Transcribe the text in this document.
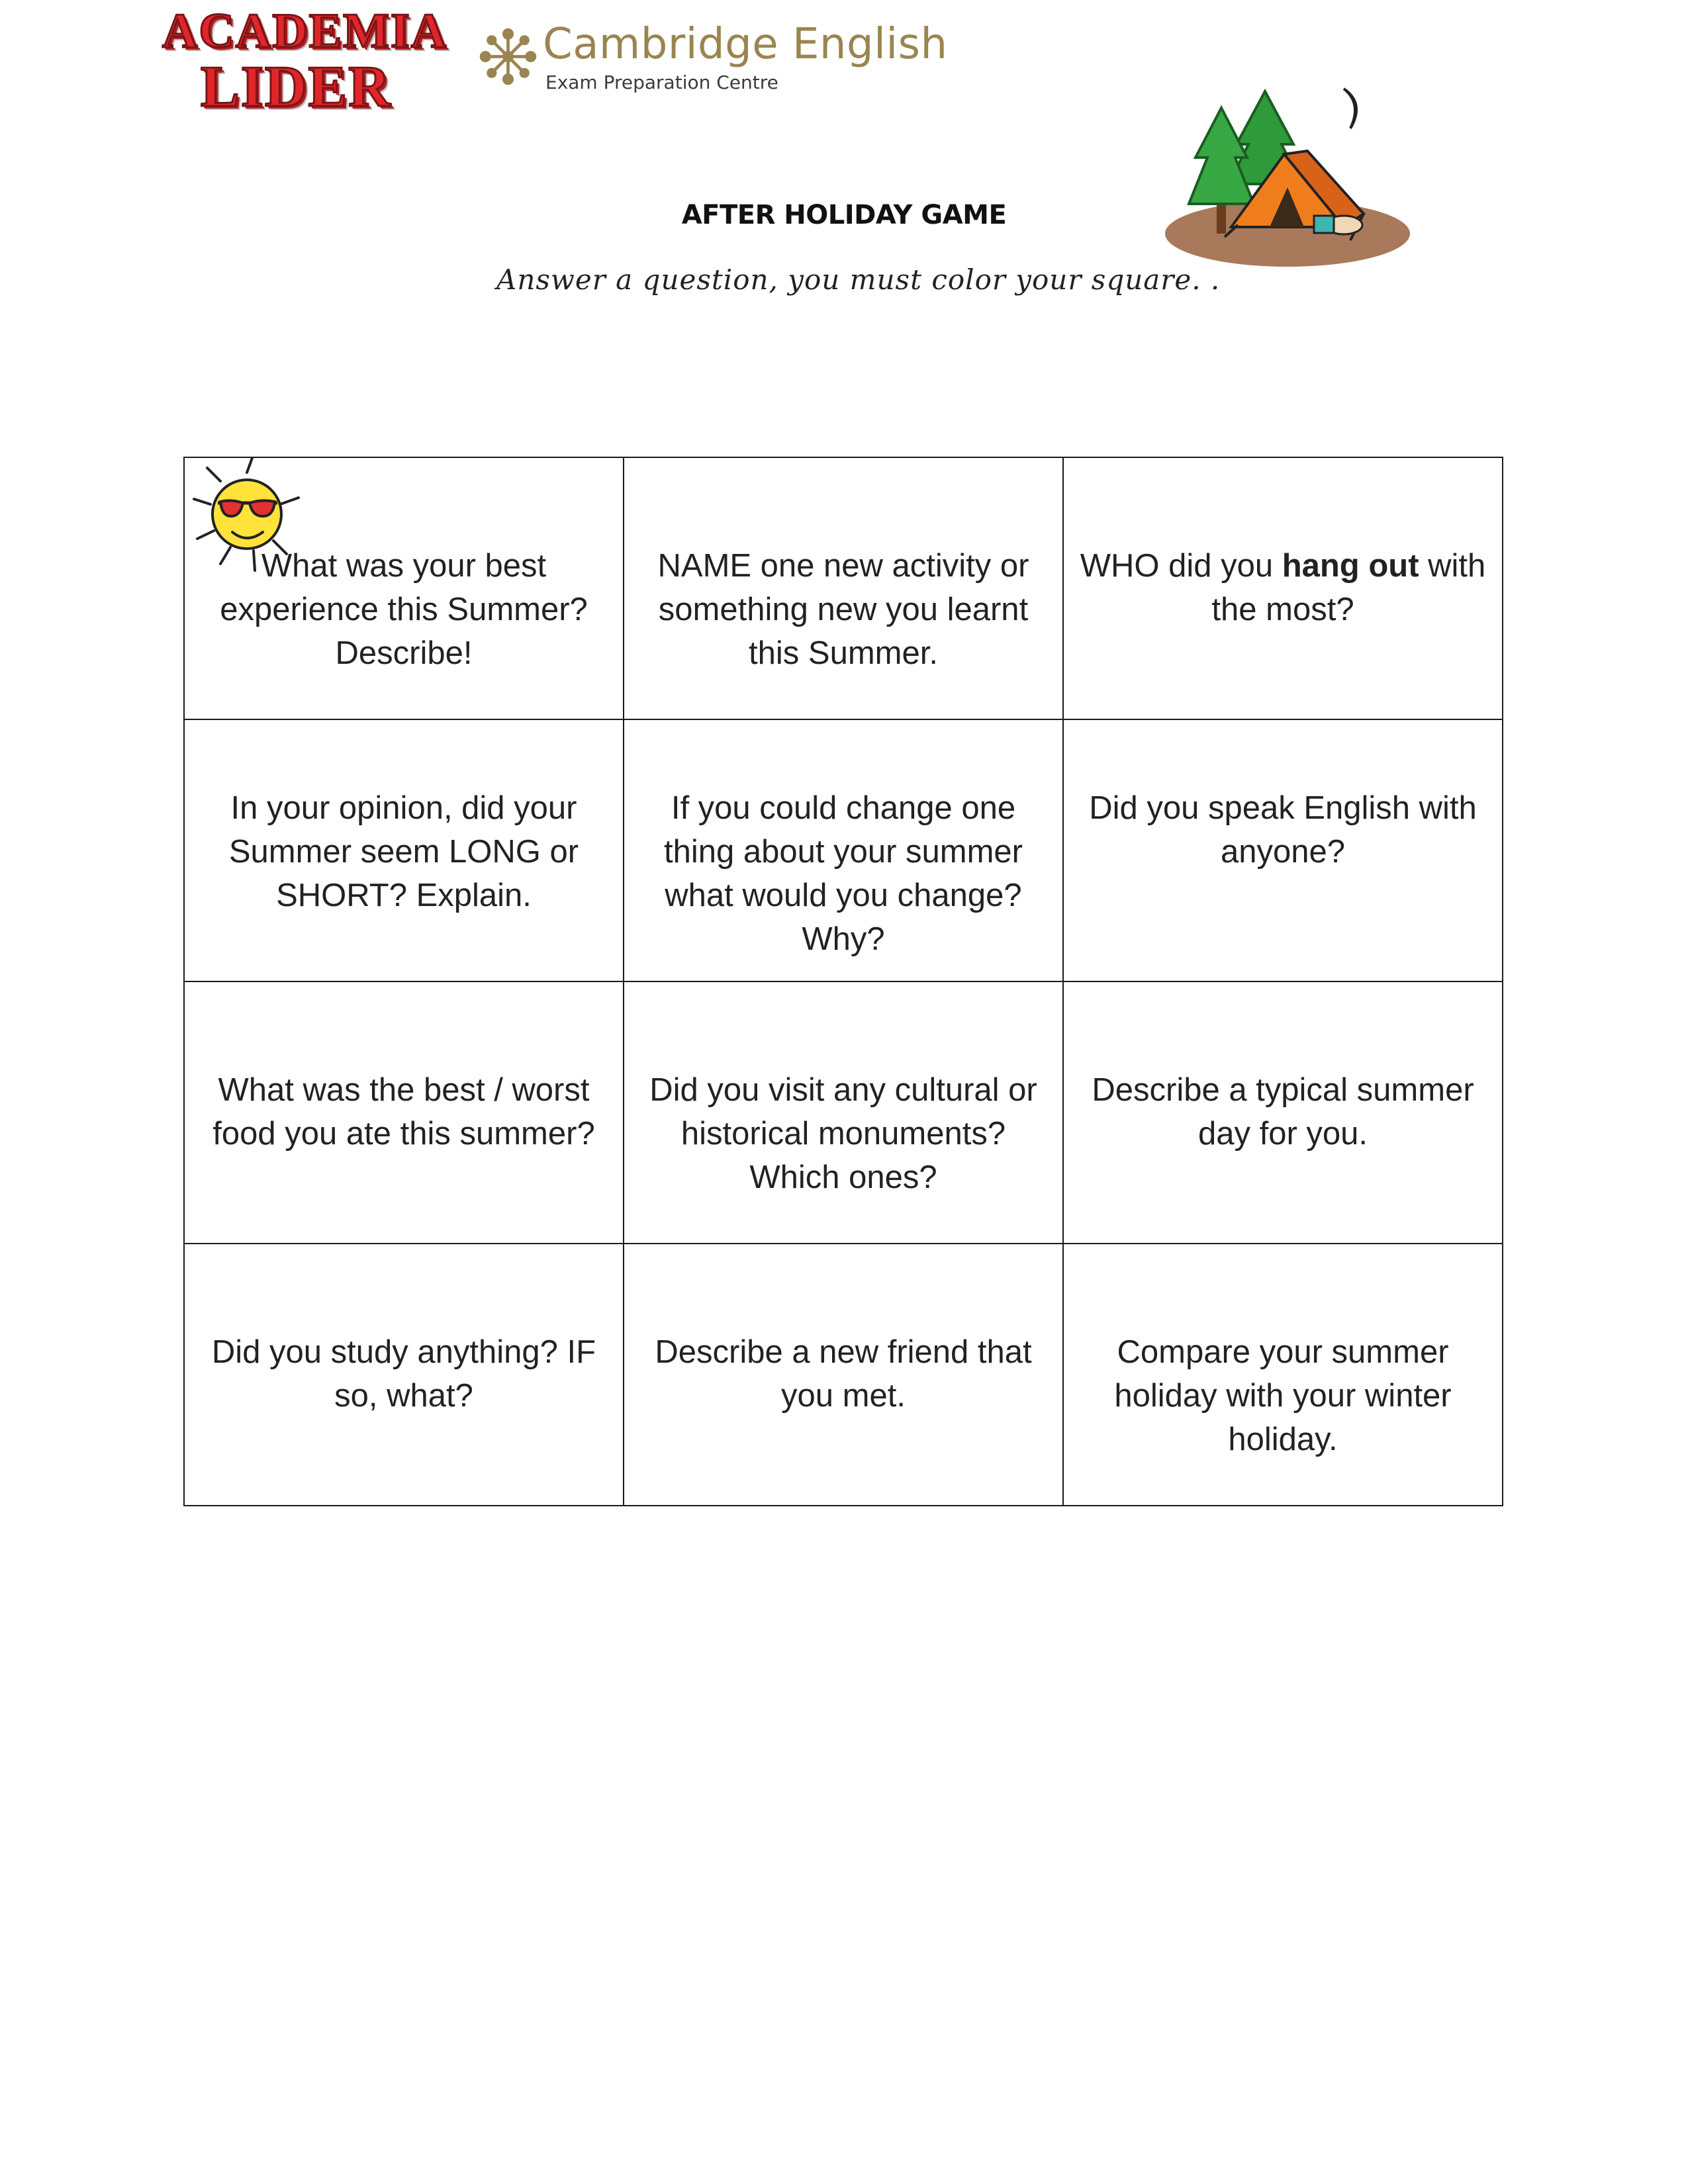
ACADEMIA
LIDER
Cambridge English
Exam Preparation Centre
AFTER HOLIDAY GAME
Answer a question, you must color your square. .
What was your best experience this Summer? Describe!	NAME one new activity or something new you learnt this Summer.	WHO did you hang out with the most?

In your opinion, did your Summer seem LONG or SHORT? Explain.	If you could change one thing about your summer what would you change? Why?	Did you speak English with anyone?

What was the best / worst food you ate this summer?	Did you visit any cultural or historical monuments? Which ones?	Describe a typical summer day for you.

Did you study anything? IF so, what?	Describe a new friend that you met.	Compare your summer holiday with your winter holiday.
